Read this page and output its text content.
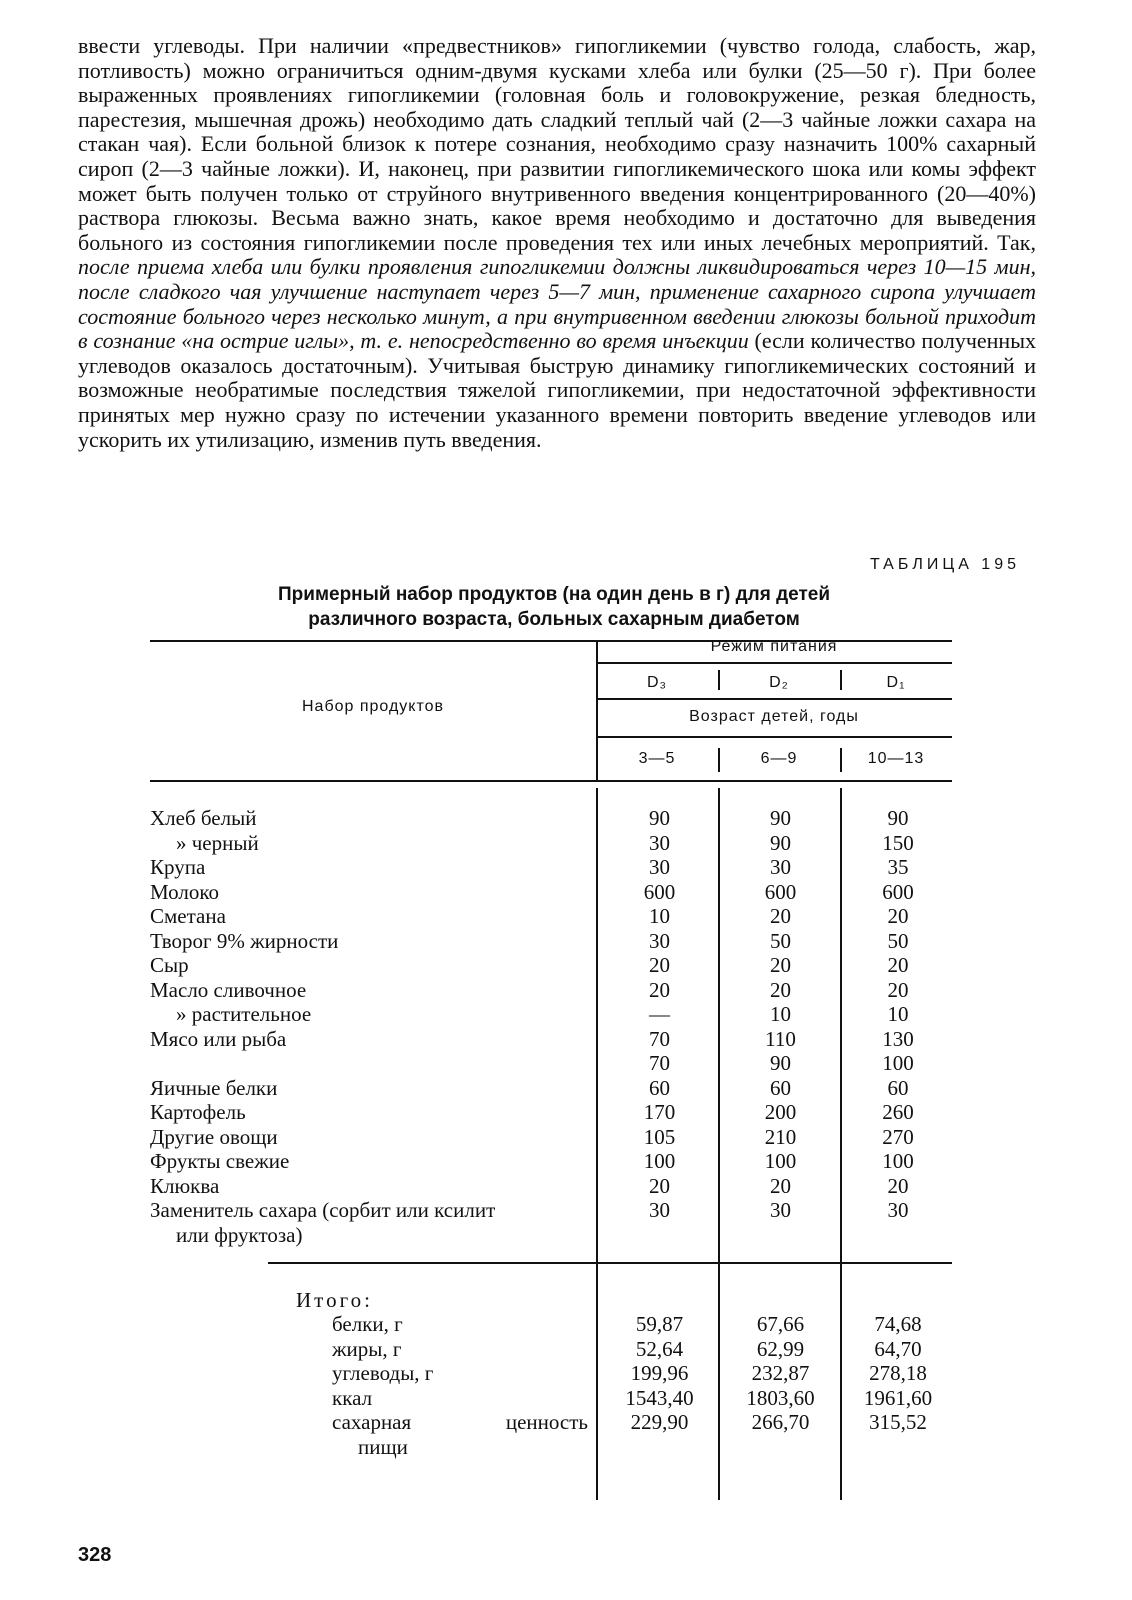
ввести углеводы. При наличии «предвестников» гипогликемии (чувство голода, слабость, жар, потливость) можно ограничиться одним-двумя кусками хлеба или булки (25—50 г). При более выраженных проявлениях гипогликемии (головная боль и головокружение, резкая бледность, парестезия, мышечная дрожь) необходимо дать сладкий теплый чай (2—3 чайные ложки сахара на стакан чая). Если больной близок к потере сознания, необходимо сразу назначить 100% сахарный сироп (2—3 чайные ложки). И, наконец, при развитии гипогликемического шока или комы эффект может быть получен только от струйного внутривенного введения концентрированного (20—40%) раствора глюкозы. Весьма важно знать, какое время необходимо и достаточно для выведения больного из состояния гипогликемии после проведения тех или иных лечебных мероприятий. Так, после приема хлеба или булки проявления гипогликемии должны ликвидироваться через 10—15 мин, после сладкого чая улучшение наступает через 5—7 мин, применение сахарного сиропа улучшает состояние больного через несколько минут, а при внутривенном введении глюкозы больной приходит в сознание «на острие иглы», т. е. непосредственно во время инъекции (если количество полученных углеводов оказалось достаточным). Учитывая быструю динамику гипогликемических состояний и возможные необратимые последствия тяжелой гипогликемии, при недостаточной эффективности принятых мер нужно сразу по истечении указанного времени повторить введение углеводов или ускорить их утилизацию, изменив путь введения.
ТАБЛИЦА 195
Примерный набор продуктов (на один день в г) для детей
различного возраста, больных сахарным диабетом
Набор продуктов
Режим питания
D₃	D₂	D₁
Возраст детей, годы
3—5	6—9	10—13
Хлеб белый	90	90	90
» черный	30	90	150
Крупа	30	30	35
Молоко	600	600	600
Сметана	10	20	20
Творог 9% жирности	30	50	50
Сыр	20	20	20
Масло сливочное	20	20	20
» растительное	—	10	10
Мясо или рыба	70	110	130
70	90	100
Яичные белки	60	60	60
Картофель	170	200	260
Другие овощи	105	210	270
Фрукты свежие	100	100	100
Клюква	20	20	20
Заменитель сахара (сорбит или ксилит	30	30	30
или фруктоза)
Итого:
белки, г	59,87	67,66	74,68
жиры, г	52,64	62,99	64,70
углеводы, г	199,96	232,87	278,18
ккал	1543,40	1803,60	1961,60
сахарная ценность	229,90	266,70	315,52
пищи
328
